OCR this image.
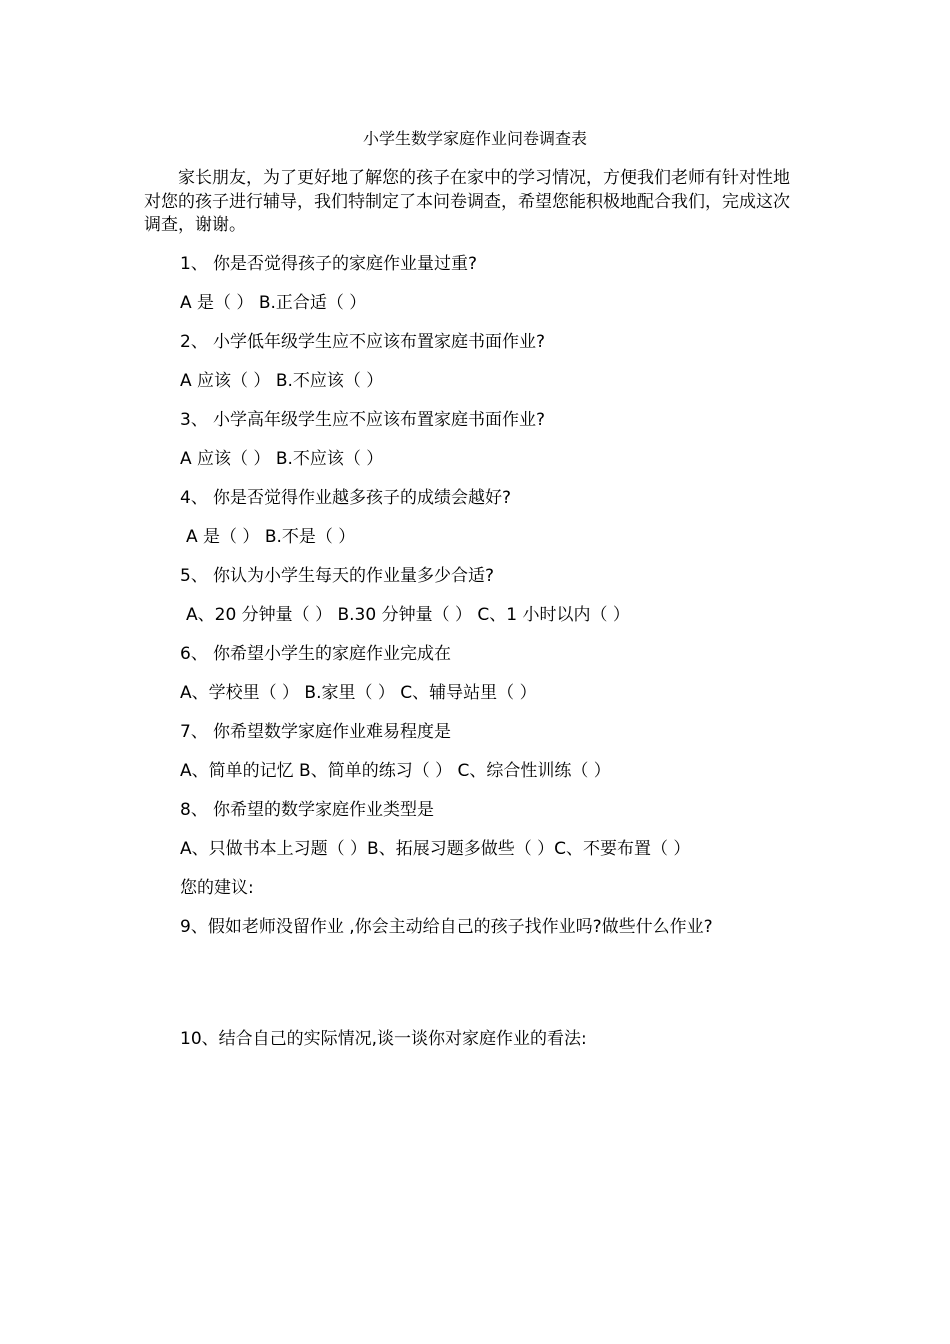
小学生数学家庭作业问卷调查表
家长朋友，为了更好地了解您的孩子在家中的学习情况，方便我们老师有针对性地对您的孩子进行辅导，我们特制定了本问卷调查，希望您能积极地配合我们，完成这次调查，谢谢。
1、 你是否觉得孩子的家庭作业量过重?
A 是（ ） B.正合适（ ）
2、 小学低年级学生应不应该布置家庭书面作业?
A 应该（ ） B.不应该（ ）
3、 小学高年级学生应不应该布置家庭书面作业?
A 应该（ ） B.不应该（ ）
4、 你是否觉得作业越多孩子的成绩会越好?
A 是（ ） B.不是（ ）
5、 你认为小学生每天的作业量多少合适?
A、20 分钟量（ ） B.30 分钟量（ ） C、1 小时以内（ ）
6、 你希望小学生的家庭作业完成在
A、学校里（ ） B.家里（ ） C、辅导站里（ ）
7、 你希望数学家庭作业难易程度是
A、简单的记忆 B、简单的练习（ ） C、综合性训练（ ）
8、 你希望的数学家庭作业类型是
A、只做书本上习题（ ）B、拓展习题多做些（ ）C、不要布置（ ）
您的建议:
9、假如老师没留作业 ,你会主动给自己的孩子找作业吗?做些什么作业?
10、结合自己的实际情况,谈一谈你对家庭作业的看法:
